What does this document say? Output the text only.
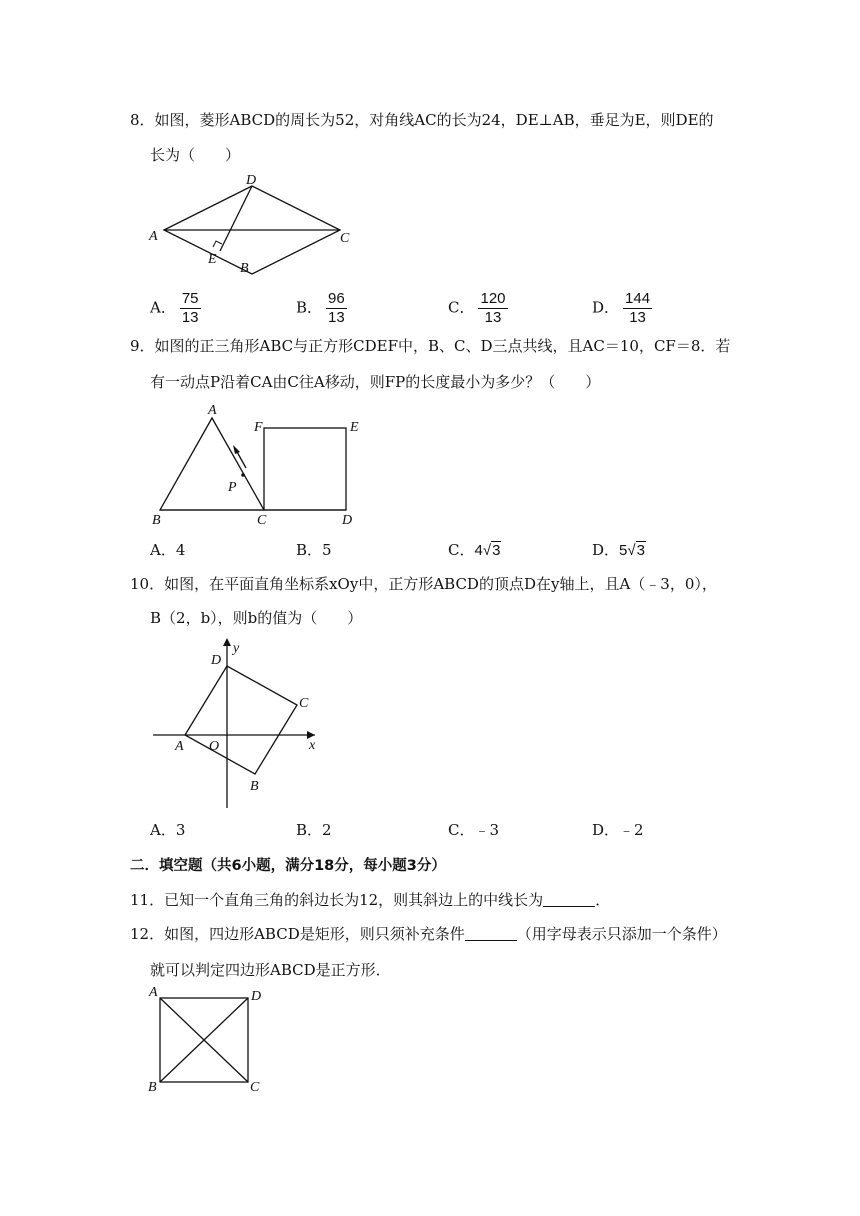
8．如图，菱形ABCD的周长为52，对角线AC的长为24，DE⊥AB，垂足为E，则DE的
长为（　　）
A
D
C
B
E
A． $\frac{75}{13}$	B． $\frac{96}{13}$	C． $\frac{120}{13}$	D． $\frac{144}{13}$
9．如图的正三角形ABC与正方形CDEF中，B、C、D三点共线，且AC＝10，CF＝8．若
有一动点P沿着CA由C往A移动，则FP的长度最小为多少？（　　）
A
F	E
P
B	C	D
A．4	B．5	C．4√3	D．5√3
10．如图，在平面直角坐标系xOy中，正方形ABCD的顶点D在y轴上，且A（﹣3，0），
B（2，b），则b的值为（　　）
y
D
C
x
A O
B
A．3	B．2	C．﹣3	D．﹣2
二．填空题（共6小题，满分18分，每小题3分）
11．已知一个直角三角的斜边长为12，则其斜边上的中线长为	．
12．如图，四边形ABCD是矩形，则只须补充条件	（用字母表示只添加一个条件）
就可以判定四边形ABCD是正方形．
A	D
B	C
